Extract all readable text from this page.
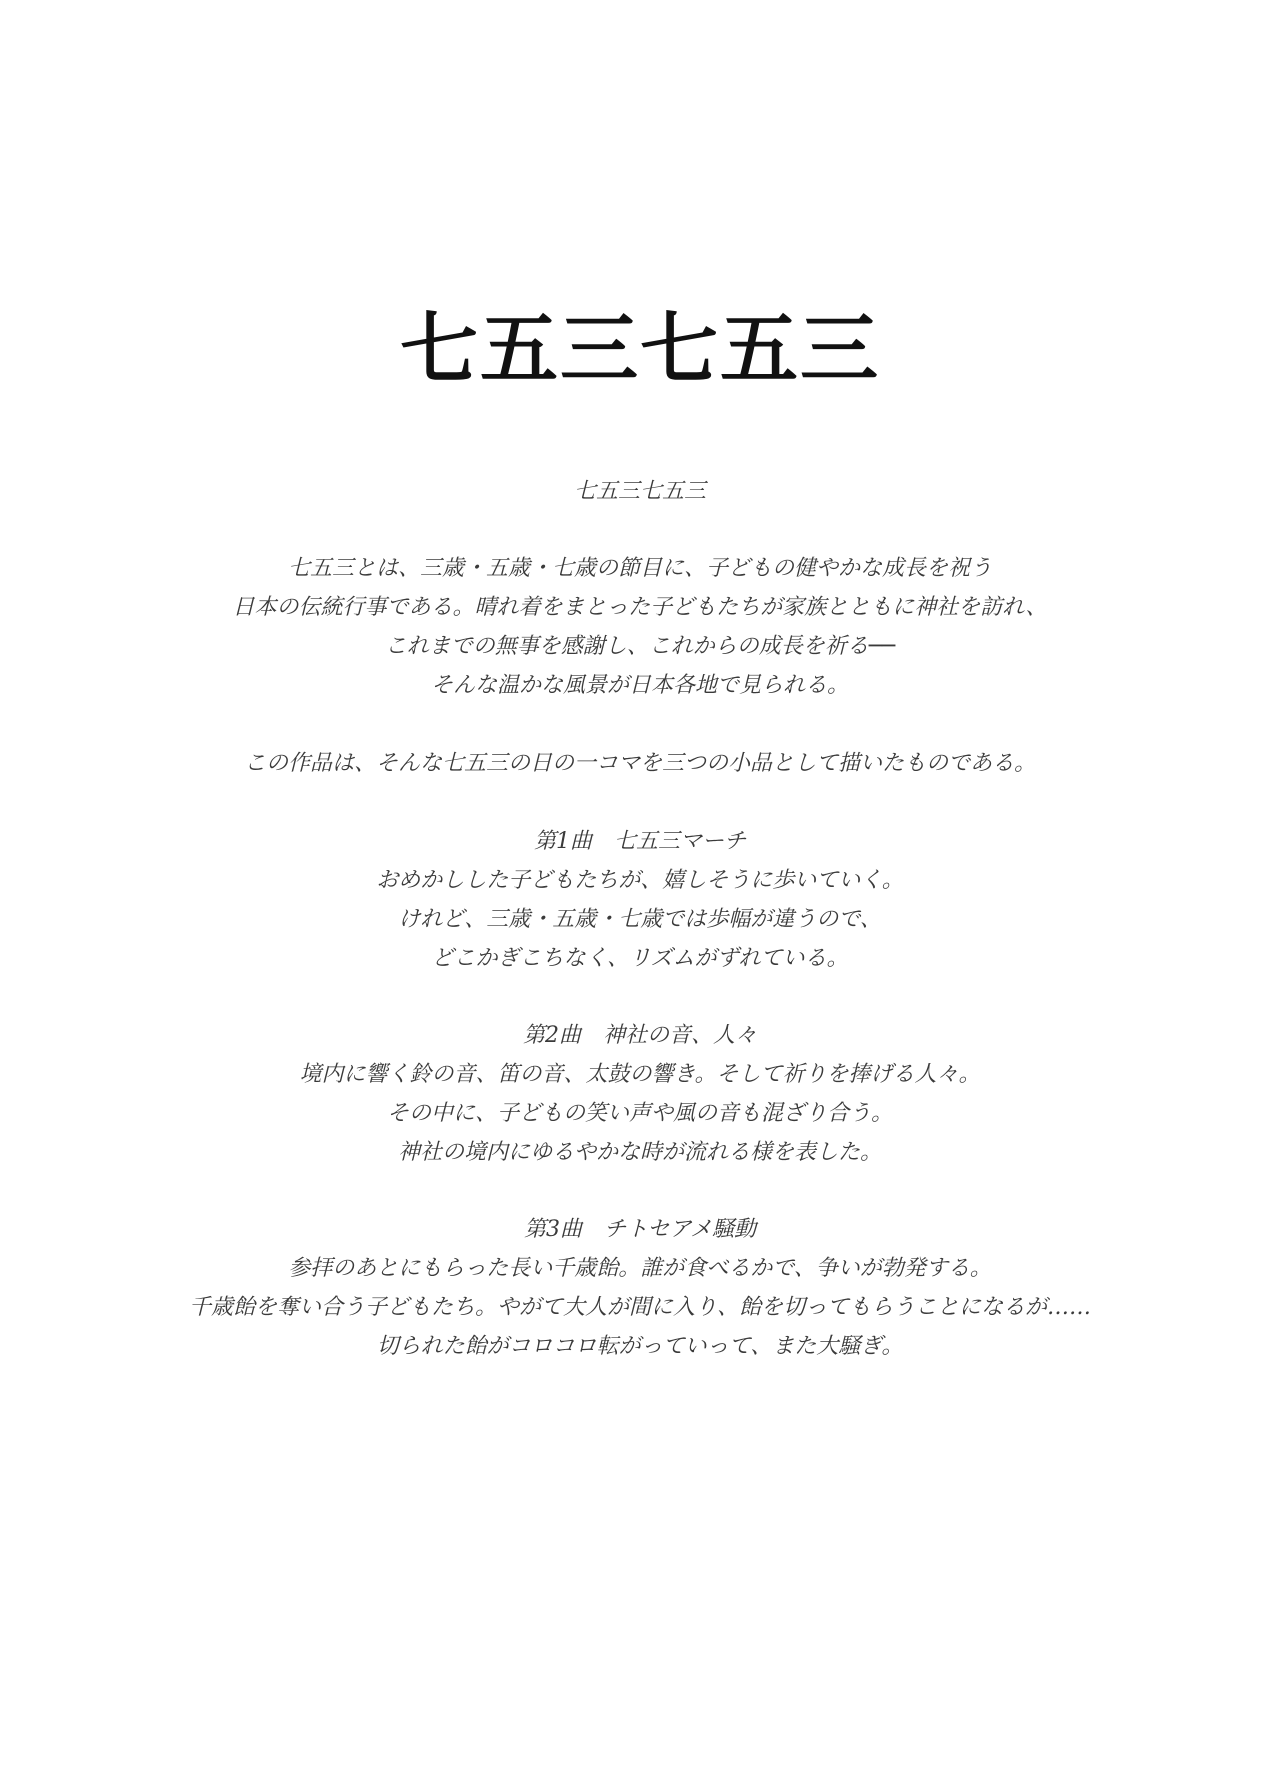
七五三七五三

七五三七五三

七五三とは、三歳・五歳・七歳の節目に、子どもの健やかな成長を祝う
日本の伝統行事である。晴れ着をまとった子どもたちが家族とともに神社を訪れ、
これまでの無事を感謝し、これからの成長を祈る──
そんな温かな風景が日本各地で見られる。

この作品は、そんな七五三の日の一コマを三つの小品として描いたものである。

第1曲　七五三マーチ
おめかしした子どもたちが、嬉しそうに歩いていく。
けれど、三歳・五歳・七歳では歩幅が違うので、
どこかぎこちなく、リズムがずれている。
第2曲　神社の音、人々
境内に響く鈴の音、笛の音、太鼓の響き。そして祈りを捧げる人々。
その中に、子どもの笑い声や風の音も混ざり合う。
神社の境内にゆるやかな時が流れる様を表した。
第3曲　チトセアメ騒動
参拝のあとにもらった長い千歳飴。誰が食べるかで、争いが勃発する。
千歳飴を奪い合う子どもたち。やがて大人が間に入り、飴を切ってもらうことになるが……
切られた飴がコロコロ転がっていって、また大騒ぎ。
